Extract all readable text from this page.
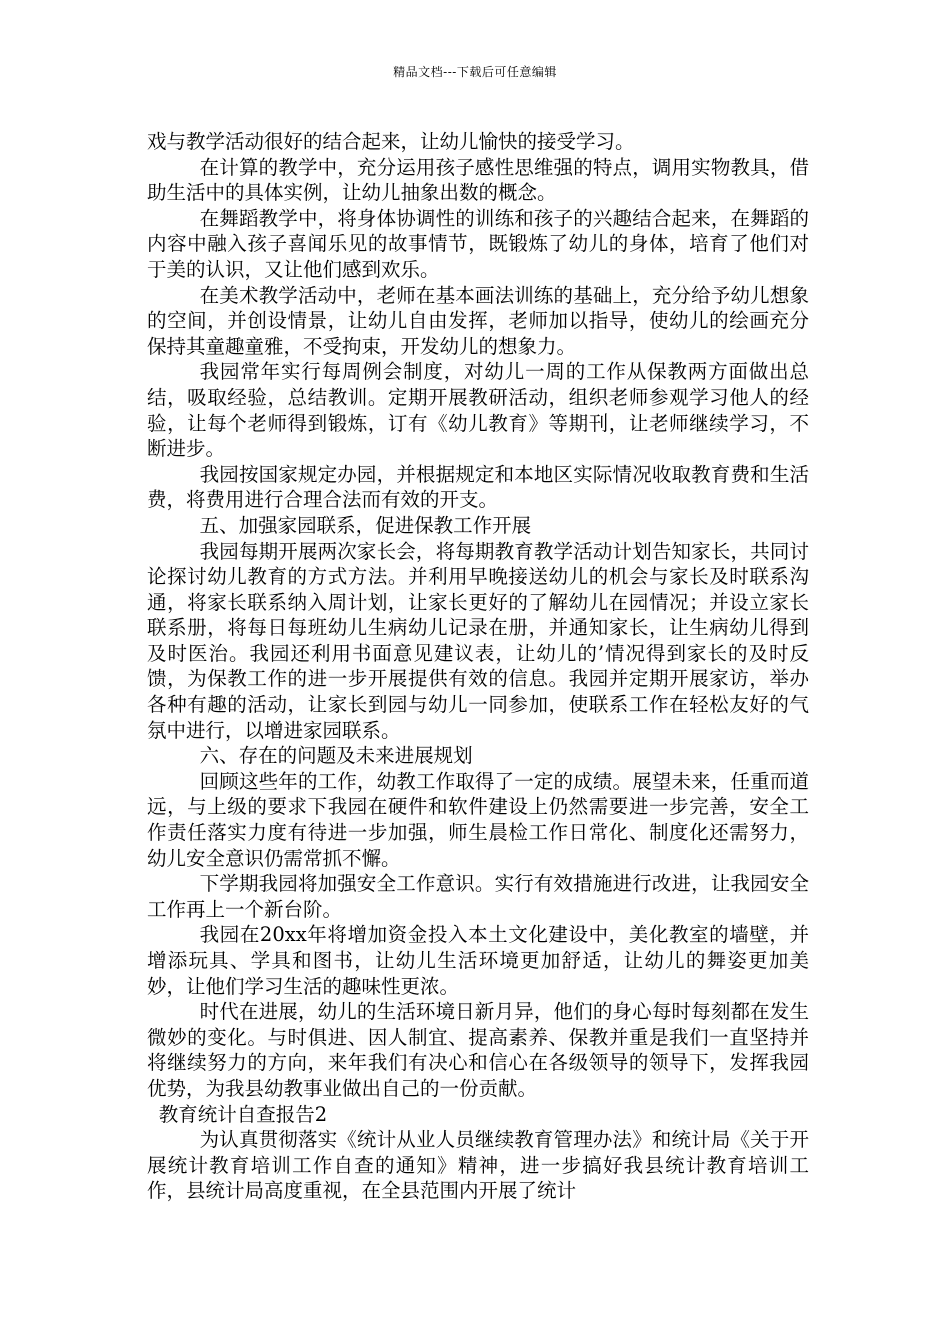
精品文档---下载后可任意编辑

戏与教学活动很好的结合起来，让幼儿愉快的接受学习。

在计算的教学中，充分运用孩子感性思维强的特点，调用实物教具，借助生活中的具体实例，让幼儿抽象出数的概念。

在舞蹈教学中，将身体协调性的训练和孩子的兴趣结合起来，在舞蹈的内容中融入孩子喜闻乐见的故事情节，既锻炼了幼儿的身体，培育了他们对于美的认识，又让他们感到欢乐。

在美术教学活动中，老师在基本画法训练的基础上，充分给予幼儿想象的空间，并创设情景，让幼儿自由发挥，老师加以指导，使幼儿的绘画充分保持其童趣童雅，不受拘束，开发幼儿的想象力。

我园常年实行每周例会制度，对幼儿一周的工作从保教两方面做出总结，吸取经验，总结教训。定期开展教研活动，组织老师参观学习他人的经验，让每个老师得到锻炼，订有《幼儿教育》等期刊，让老师继续学习，不断进步。

我园按国家规定办园，并根据规定和本地区实际情况收取教育费和生活费，将费用进行合理合法而有效的开支。

五、加强家园联系，促进保教工作开展

我园每期开展两次家长会，将每期教育教学活动计划告知家长，共同讨论探讨幼儿教育的方式方法。并利用早晚接送幼儿的机会与家长及时联系沟通，将家长联系纳入周计划，让家长更好的了解幼儿在园情况；并设立家长联系册，将每日每班幼儿生病幼儿记录在册，并通知家长，让生病幼儿得到及时医治。我园还利用书面意见建议表，让幼儿的’情况得到家长的及时反馈，为保教工作的进一步开展提供有效的信息。我园并定期开展家访，举办各种有趣的活动，让家长到园与幼儿一同参加，使联系工作在轻松友好的气氛中进行，以增进家园联系。

六、存在的问题及未来进展规划

回顾这些年的工作，幼教工作取得了一定的成绩。展望未来，任重而道远，与上级的要求下我园在硬件和软件建设上仍然需要进一步完善，安全工作责任落实力度有待进一步加强，师生晨检工作日常化、制度化还需努力，幼儿安全意识仍需常抓不懈。

下学期我园将加强安全工作意识。实行有效措施进行改进，让我园安全工作再上一个新台阶。

我园在20xx年将增加资金投入本土文化建设中，美化教室的墙壁，并增添玩具、学具和图书，让幼儿生活环境更加舒适，让幼儿的舞姿更加美妙，让他们学习生活的趣味性更浓。

时代在进展，幼儿的生活环境日新月异，他们的身心每时每刻都在发生微妙的变化。与时俱进、因人制宜、提高素养、保教并重是我们一直坚持并将继续努力的方向，来年我们有决心和信心在各级领导的领导下，发挥我园优势，为我县幼教事业做出自己的一份贡献。

教育统计自查报告2

为认真贯彻落实《统计从业人员继续教育管理办法》和统计局《关于开展统计教育培训工作自查的通知》精神，进一步搞好我县统计教育培训工作，县统计局高度重视，在全县范围内开展了统计
